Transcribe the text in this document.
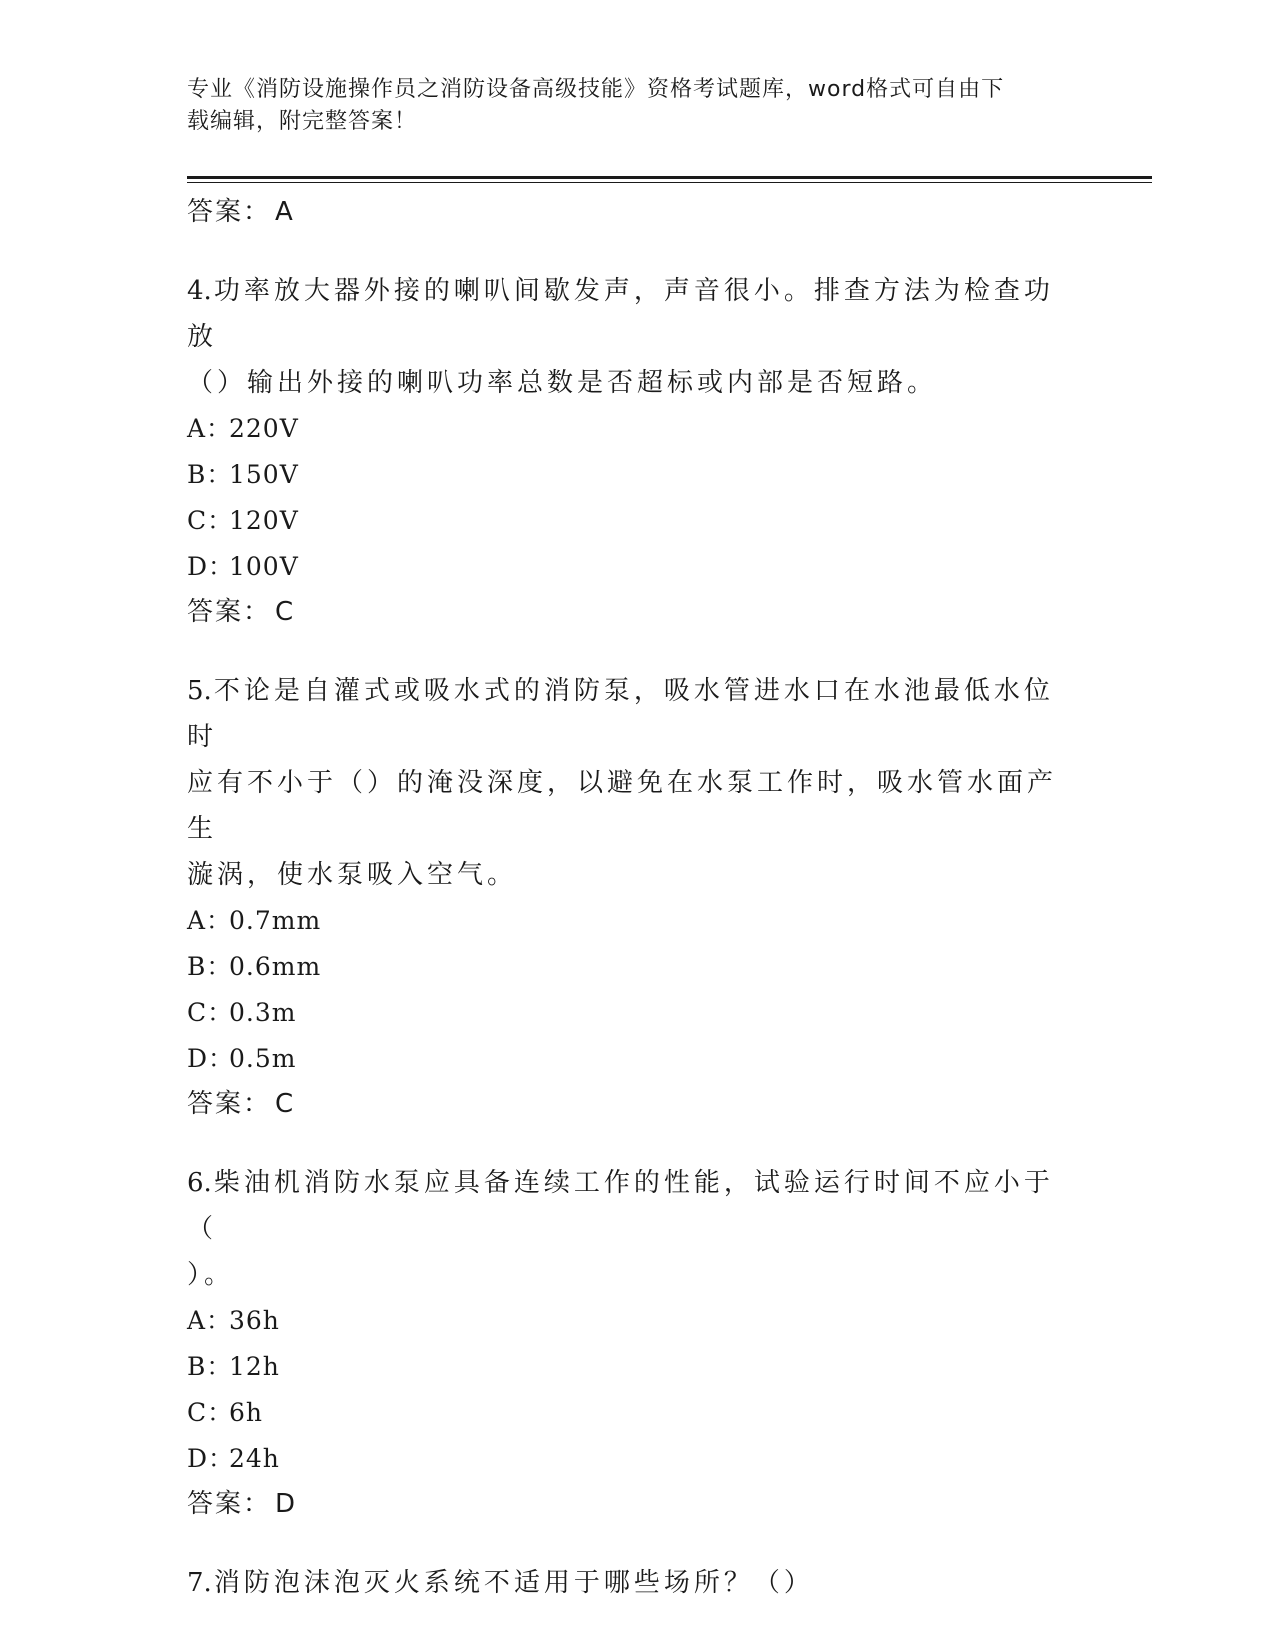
专业《消防设施操作员之消防设备高级技能》资格考试题库，word格式可自由下
载编辑，附完整答案！
答案： A

4.功率放大器外接的喇叭间歇发声，声音很小。排查方法为检查功放

（）输出外接的喇叭功率总数是否超标或内部是否短路。

A：
220V
B：
150V
C：
120V
D：
100V
答案： C

5.不论是自灌式或吸水式的消防泵，吸水管进水口在水池最低水位时

应有不小于（）的淹没深度，以避免在水泵工作时，吸水管水面产生

漩涡，使水泵吸入空气。

A：
0.7mm
B：
0.6mm
C：
0.3m
D：
0.5m
答案： C

6.柴油机消防水泵应具备连续工作的性能，试验运行时间不应小于（

）。

A：
36h
B：
12h
C：
6h
D：
24h
答案： D

7.消防泡沫泡灭火系统不适用于哪些场所？（）
